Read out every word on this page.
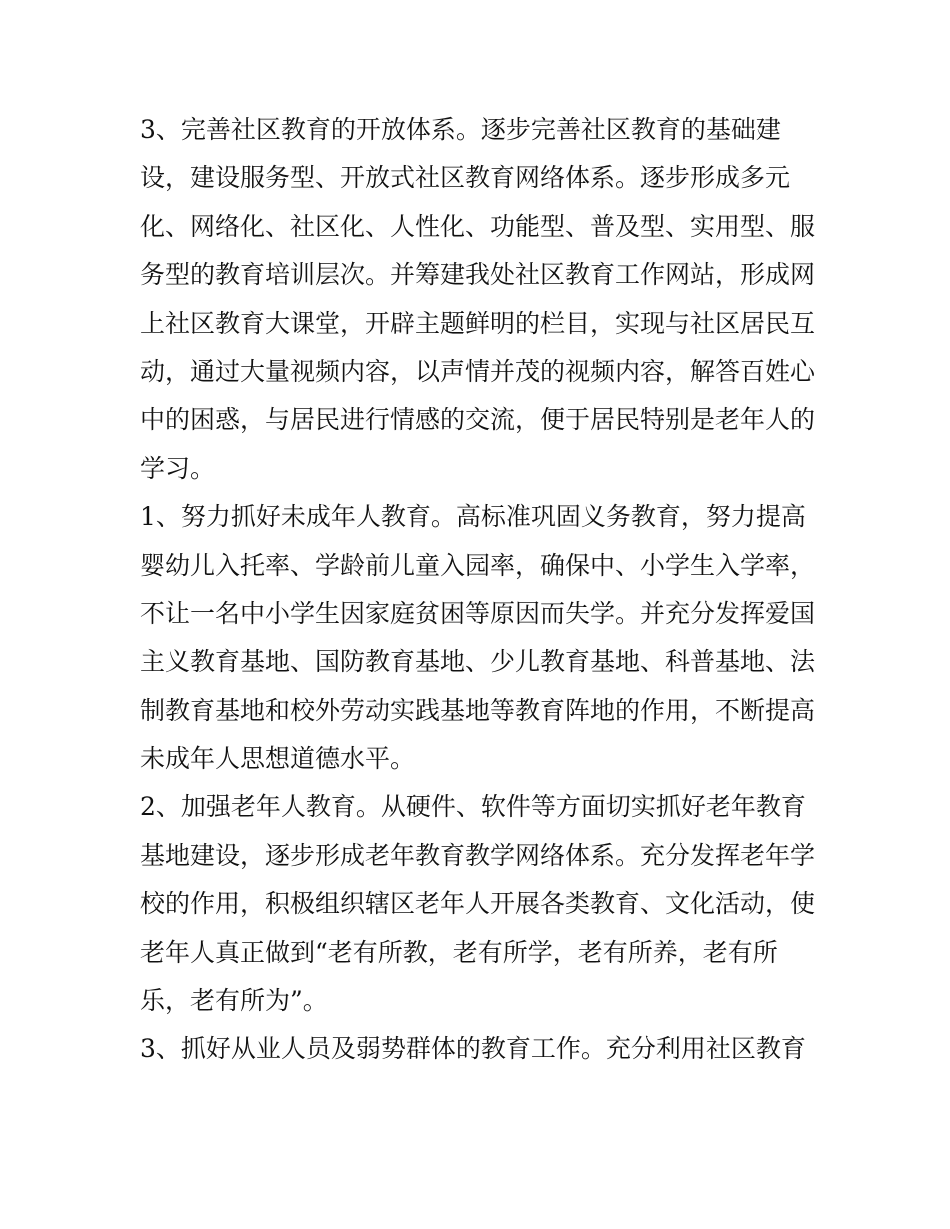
3、完善社区教育的开放体系。逐步完善社区教育的基础建
设，建设服务型、开放式社区教育网络体系。逐步形成多元
化、网络化、社区化、人性化、功能型、普及型、实用型、服
务型的教育培训层次。并筹建我处社区教育工作网站，形成网
上社区教育大课堂，开辟主题鲜明的栏目，实现与社区居民互
动，通过大量视频内容，以声情并茂的视频内容，解答百姓心
中的困惑，与居民进行情感的交流，便于居民特别是老年人的
学习。
1、努力抓好未成年人教育。高标准巩固义务教育，努力提高
婴幼儿入托率、学龄前儿童入园率，确保中、小学生入学率，
不让一名中小学生因家庭贫困等原因而失学。并充分发挥爱国
主义教育基地、国防教育基地、少儿教育基地、科普基地、法
制教育基地和校外劳动实践基地等教育阵地的作用，不断提高
未成年人思想道德水平。
2、加强老年人教育。从硬件、软件等方面切实抓好老年教育
基地建设，逐步形成老年教育教学网络体系。充分发挥老年学
校的作用，积极组织辖区老年人开展各类教育、文化活动，使
老年人真正做到“老有所教，老有所学，老有所养，老有所
乐，老有所为”。
3、抓好从业人员及弱势群体的教育工作。充分利用社区教育
